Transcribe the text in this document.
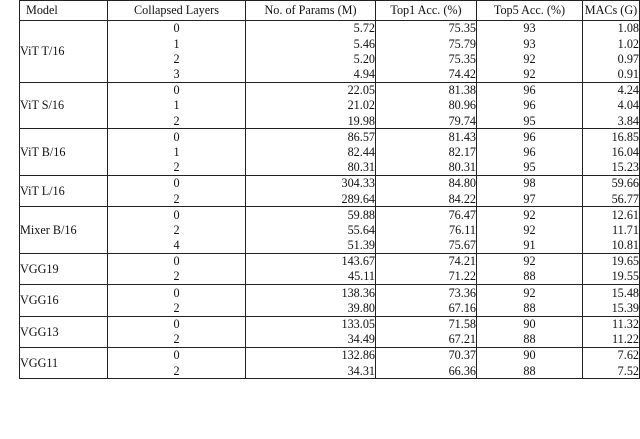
Model	Collapsed Layers	No. of Params (M)	Top1 Acc. (%)	Top5 Acc. (%)	MACs (G)
ViT T/16	0	5.72	75.35	93	1.08
	1	5.46	75.79	93	1.02
	2	5.20	75.35	92	0.97
	3	4.94	74.42	92	0.91
ViT S/16	0	22.05	81.38	96	4.24
	1	21.02	80.96	96	4.04
	2	19.98	79.74	95	3.84
ViT B/16	0	86.57	81.43	96	16.85
	1	82.44	82.17	96	16.04
	2	80.31	80.31	95	15.23
ViT L/16	0	304.33	84.80	98	59.66
	2	289.64	84.22	97	56.77
Mixer B/16	0	59.88	76.47	92	12.61
	2	55.64	76.11	92	11.71
	4	51.39	75.67	91	10.81
VGG19	0	143.67	74.21	92	19.65
	2	45.11	71.22	88	19.55
VGG16	0	138.36	73.36	92	15.48
	2	39.80	67.16	88	15.39
VGG13	0	133.05	71.58	90	11.32
	2	34.49	67.21	88	11.22
VGG11	0	132.86	70.37	90	7.62
	2	34.31	66.36	88	7.52
